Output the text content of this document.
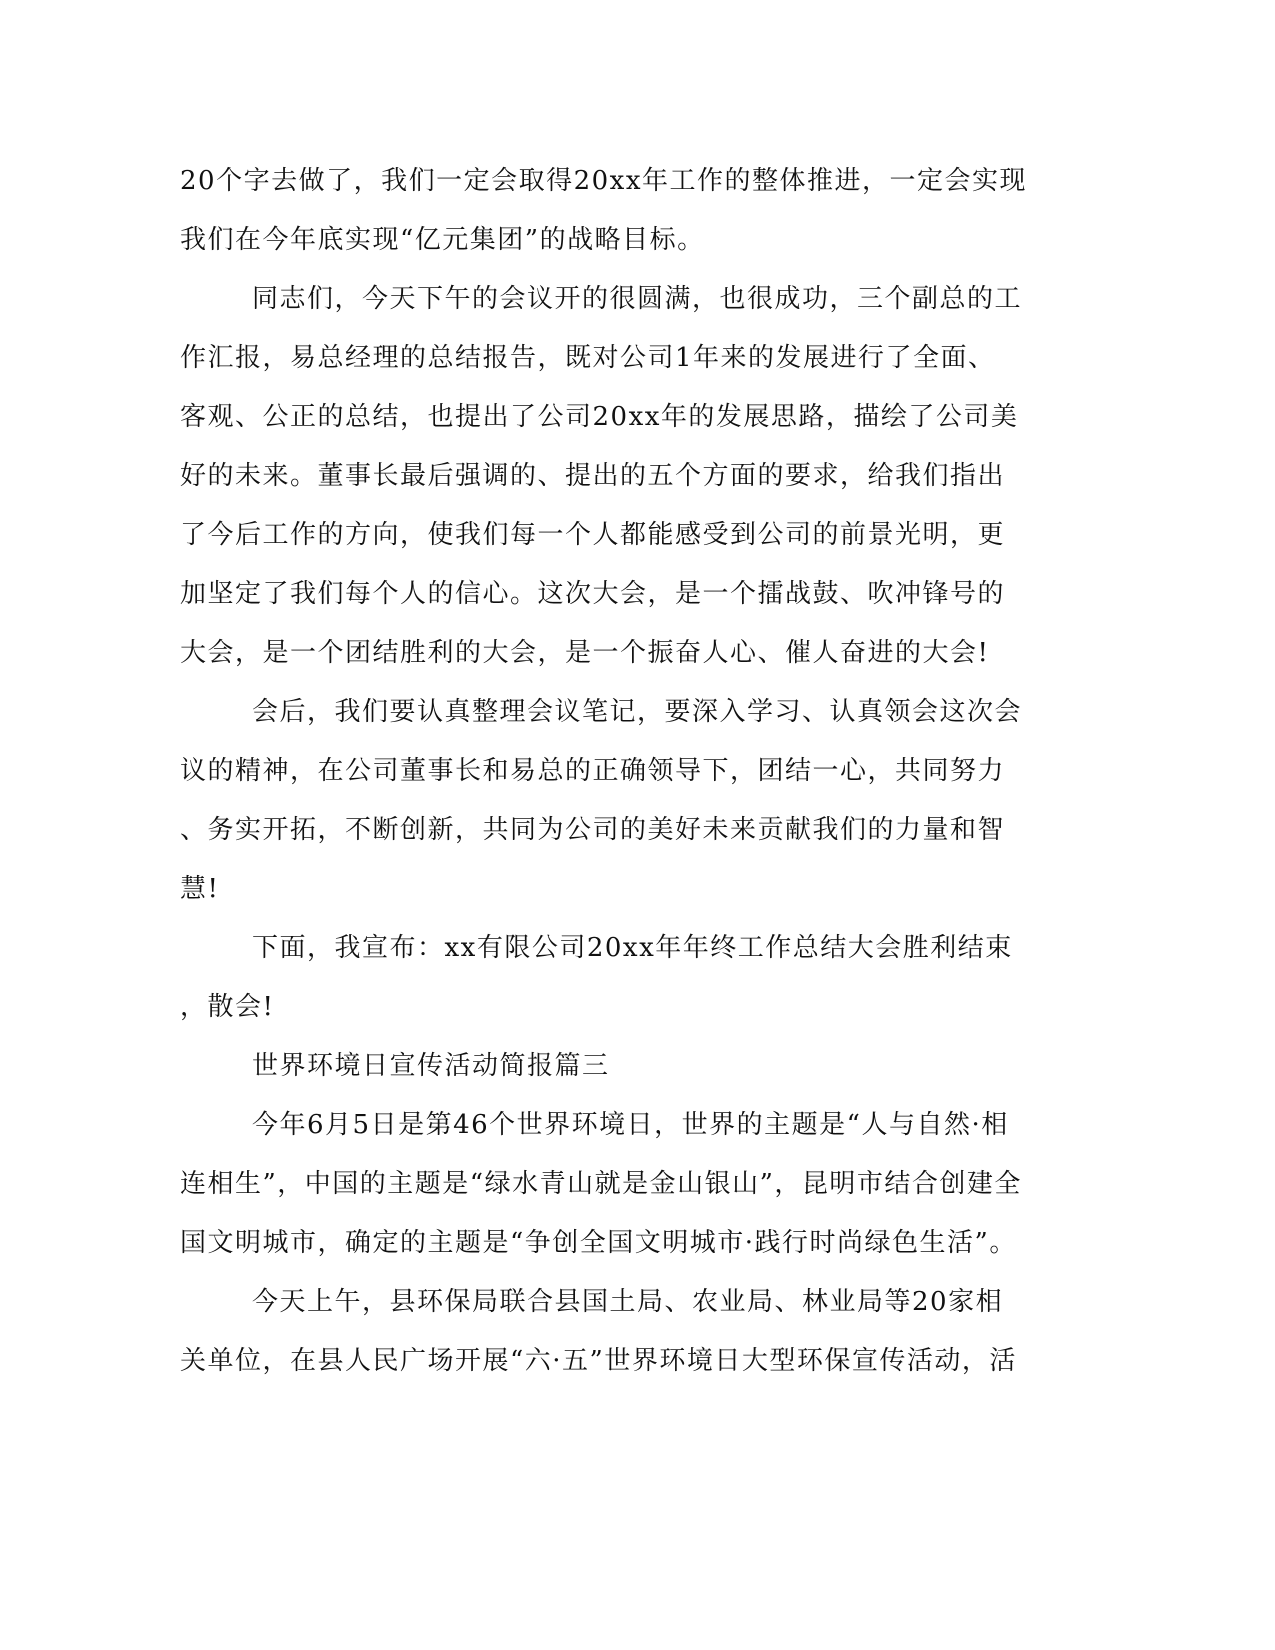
20个字去做了，我们一定会取得20xx年工作的整体推进，一定会实现
我们在今年底实现“亿元集团”的战略目标。
同志们，今天下午的会议开的很圆满，也很成功，三个副总的工
作汇报，易总经理的总结报告，既对公司1年来的发展进行了全面、
客观、公正的总结，也提出了公司20xx年的发展思路，描绘了公司美
好的未来。董事长最后强调的、提出的五个方面的要求，给我们指出
了今后工作的方向，使我们每一个人都能感受到公司的前景光明，更
加坚定了我们每个人的信心。这次大会，是一个擂战鼓、吹冲锋号的
大会，是一个团结胜利的大会，是一个振奋人心、催人奋进的大会!
会后，我们要认真整理会议笔记，要深入学习、认真领会这次会
议的精神，在公司董事长和易总的正确领导下，团结一心，共同努力
、务实开拓，不断创新，共同为公司的美好未来贡献我们的力量和智
慧!
下面，我宣布：xx有限公司20xx年年终工作总结大会胜利结束
，散会!
世界环境日宣传活动简报篇三
今年6月5日是第46个世界环境日，世界的主题是“人与自然·相
连相生”，中国的主题是“绿水青山就是金山银山”，昆明市结合创建全
国文明城市，确定的主题是“争创全国文明城市·践行时尚绿色生活”。
今天上午，县环保局联合县国土局、农业局、林业局等20家相
关单位，在县人民广场开展“六·五”世界环境日大型环保宣传活动，活
